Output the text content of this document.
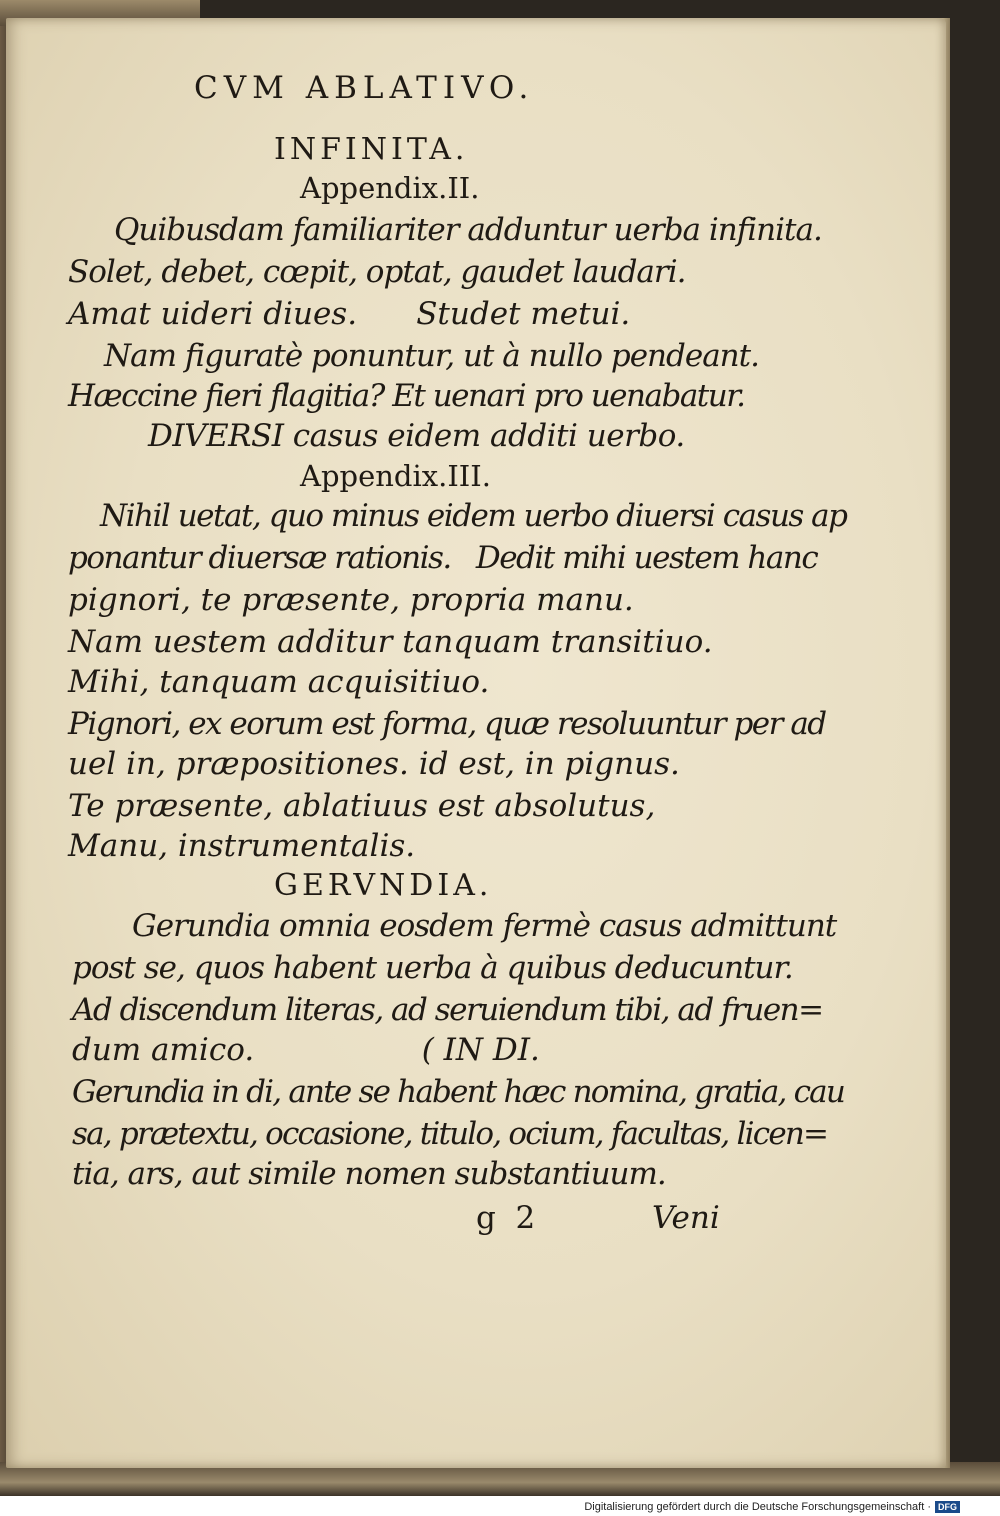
CVM ABLATIVO.
INFINITA.
Appendix.II.
Quibusdam familiariter adduntur uerba infinita.
Solet, debet, cœpit, optat, gaudet laudari.
Amat uideri diues.      Studet metui.
Nam figuratè ponuntur, ut à nullo pendeant.
Hæccine fieri flagitia? Et uenari pro uenabatur.
DIVERSI casus eidem additi uerbo.
Appendix.III.
Nihil uetat, quo minus eidem uerbo diuersi casus ap
ponantur diuersæ rationis.   Dedit mihi uestem hanc
pignori, te præsente, propria manu.
Nam uestem additur tanquam transitiuo.
Mihi, tanquam acquisitiuo.
Pignori, ex eorum est forma, quæ resoluuntur per ad
uel in, præpositiones. id est, in pignus.
Te præsente, ablatiuus est absolutus,
Manu, instrumentalis.
GERVNDIA.
Gerundia omnia eosdem fermè casus admittunt
post se, quos habent uerba à quibus deducuntur.
Ad discendum literas, ad seruiendum tibi, ad fruen=
dum amico.                 ( IN DI.
Gerundia in di, ante se habent hæc nomina, gratia, cau
sa, prætextu, occasione, titulo, ocium, facultas, licen=
tia, ars, aut simile nomen substantiuum.
g  2	Veni
Digitalisierung gefördert durch die Deutsche Forschungsgemeinschaft · DFG
